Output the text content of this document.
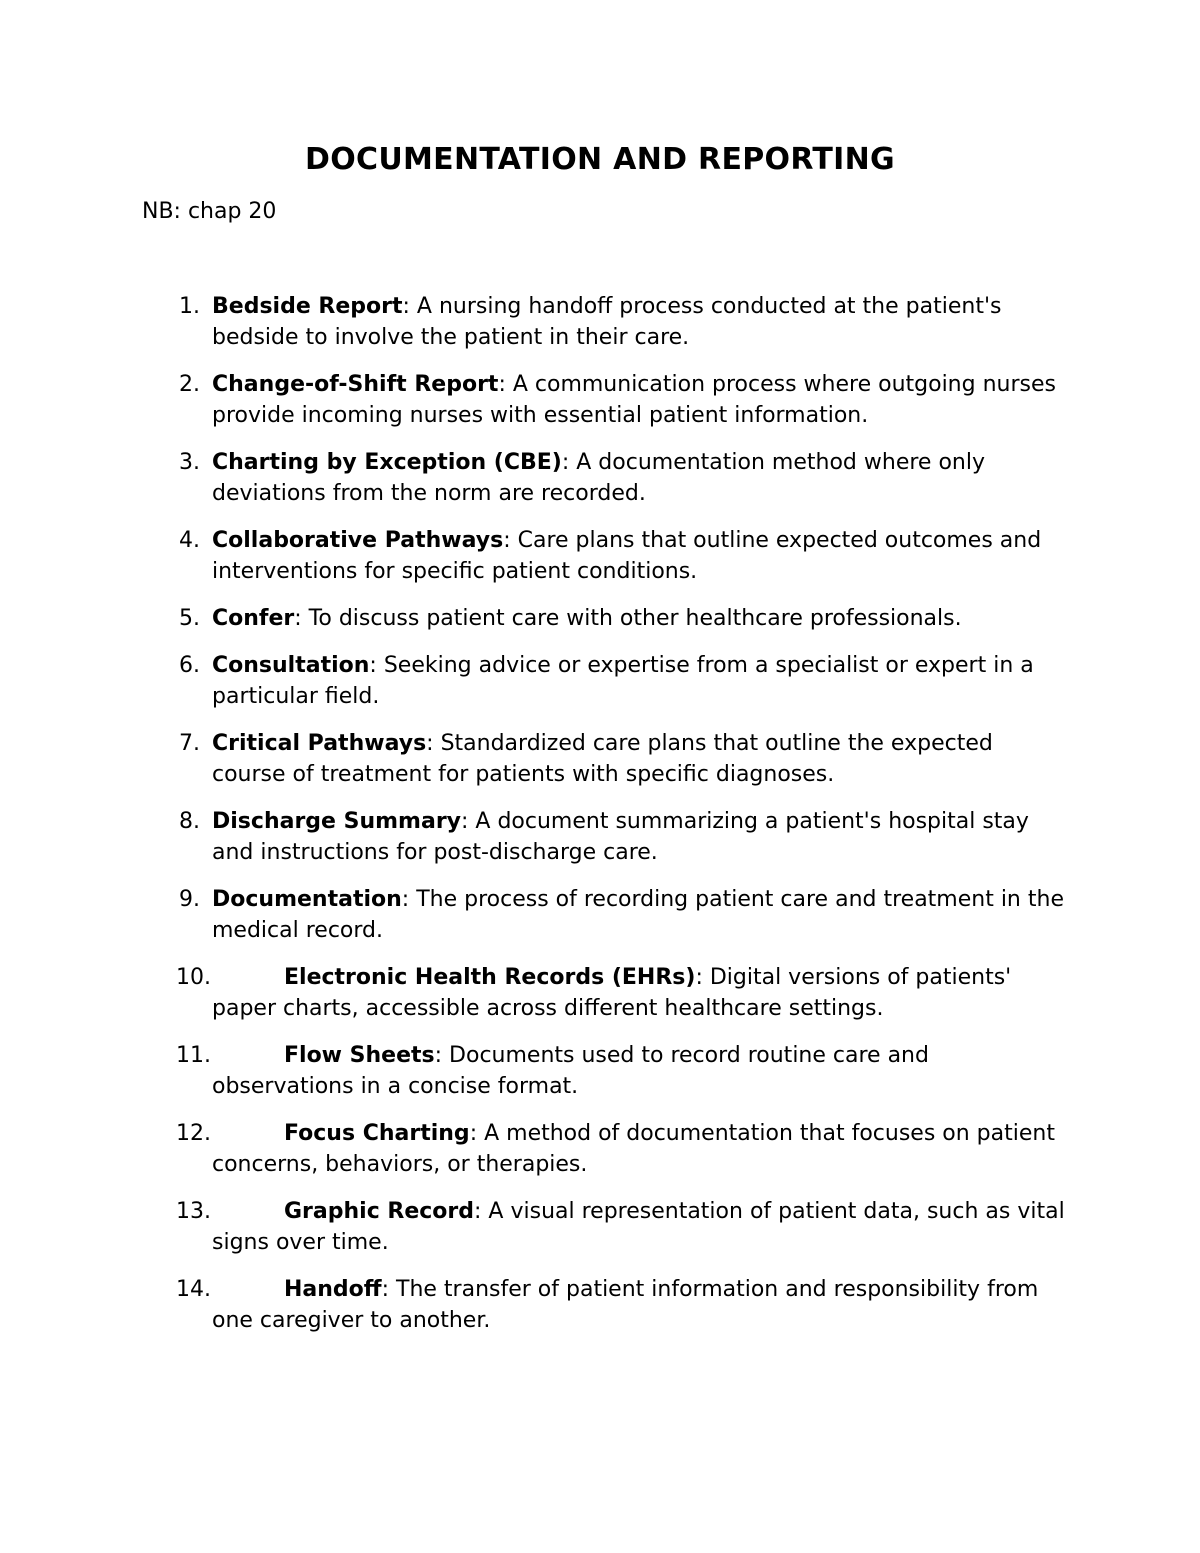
DOCUMENTATION AND REPORTING

NB: chap 20

1. Bedside Report: A nursing handoff process conducted at the patient's bedside to involve the patient in their care.
2. Change-of-Shift Report: A communication process where outgoing nurses provide incoming nurses with essential patient information.
3. Charting by Exception (CBE): A documentation method where only deviations from the norm are recorded.
4. Collaborative Pathways: Care plans that outline expected outcomes and interventions for specific patient conditions.
5. Confer: To discuss patient care with other healthcare professionals.
6. Consultation: Seeking advice or expertise from a specialist or expert in a particular field.
7. Critical Pathways: Standardized care plans that outline the expected course of treatment for patients with specific diagnoses.
8. Discharge Summary: A document summarizing a patient's hospital stay and instructions for post-discharge care.
9. Documentation: The process of recording patient care and treatment in the medical record.
10.	Electronic Health Records (EHRs): Digital versions of patients' paper charts, accessible across different healthcare settings.
11.	Flow Sheets: Documents used to record routine care and observations in a concise format.
12.	Focus Charting: A method of documentation that focuses on patient concerns, behaviors, or therapies.
13.	Graphic Record: A visual representation of patient data, such as vital signs over time.
14.	Handoff: The transfer of patient information and responsibility from one caregiver to another.
